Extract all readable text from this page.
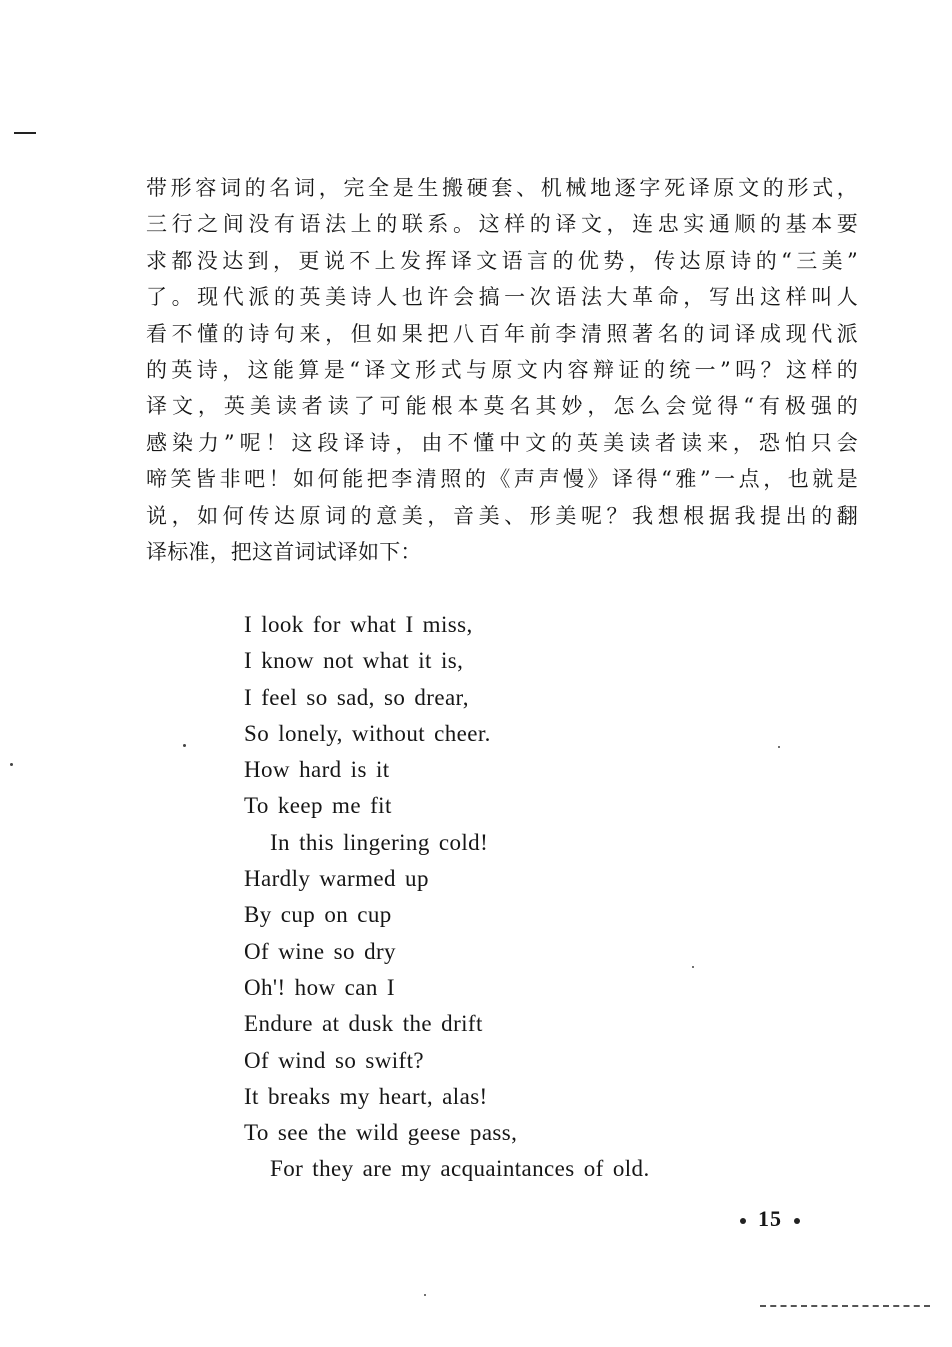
带形容词的名词，完全是生搬硬套、机械地逐字死译原文的形式，
三行之间没有语法上的联系。这样的译文，连忠实通顺的基本要
求都没达到，更说不上发挥译文语言的优势，传达原诗的“三美”
了。现代派的英美诗人也许会搞一次语法大革命，写出这样叫人
看不懂的诗句来，但如果把八百年前李清照著名的词译成现代派
的英诗，这能算是“译文形式与原文内容辩证的统一”吗？这样的
译文，英美读者读了可能根本莫名其妙，怎么会觉得“有极强的
感染力”呢！这段译诗，由不懂中文的英美读者读来，恐怕只会
啼笑皆非吧！如何能把李清照的《声声慢》译得“雅”一点，也就是
说，如何传达原词的意美，音美、形美呢？我想根据我提出的翻
译标准，把这首词试译如下：
I look for what I miss,
I know not what it is,
I feel so sad, so drear,
So lonely, without cheer.
How hard is it
To keep me fit
In this lingering cold!
Hardly warmed up
By cup on cup
Of wine so dry
Oh'! how can I
Endure at dusk the drift
Of wind so swift?
It breaks my heart, alas!
To see the wild geese pass,
For they are my acquaintances of old.
15
